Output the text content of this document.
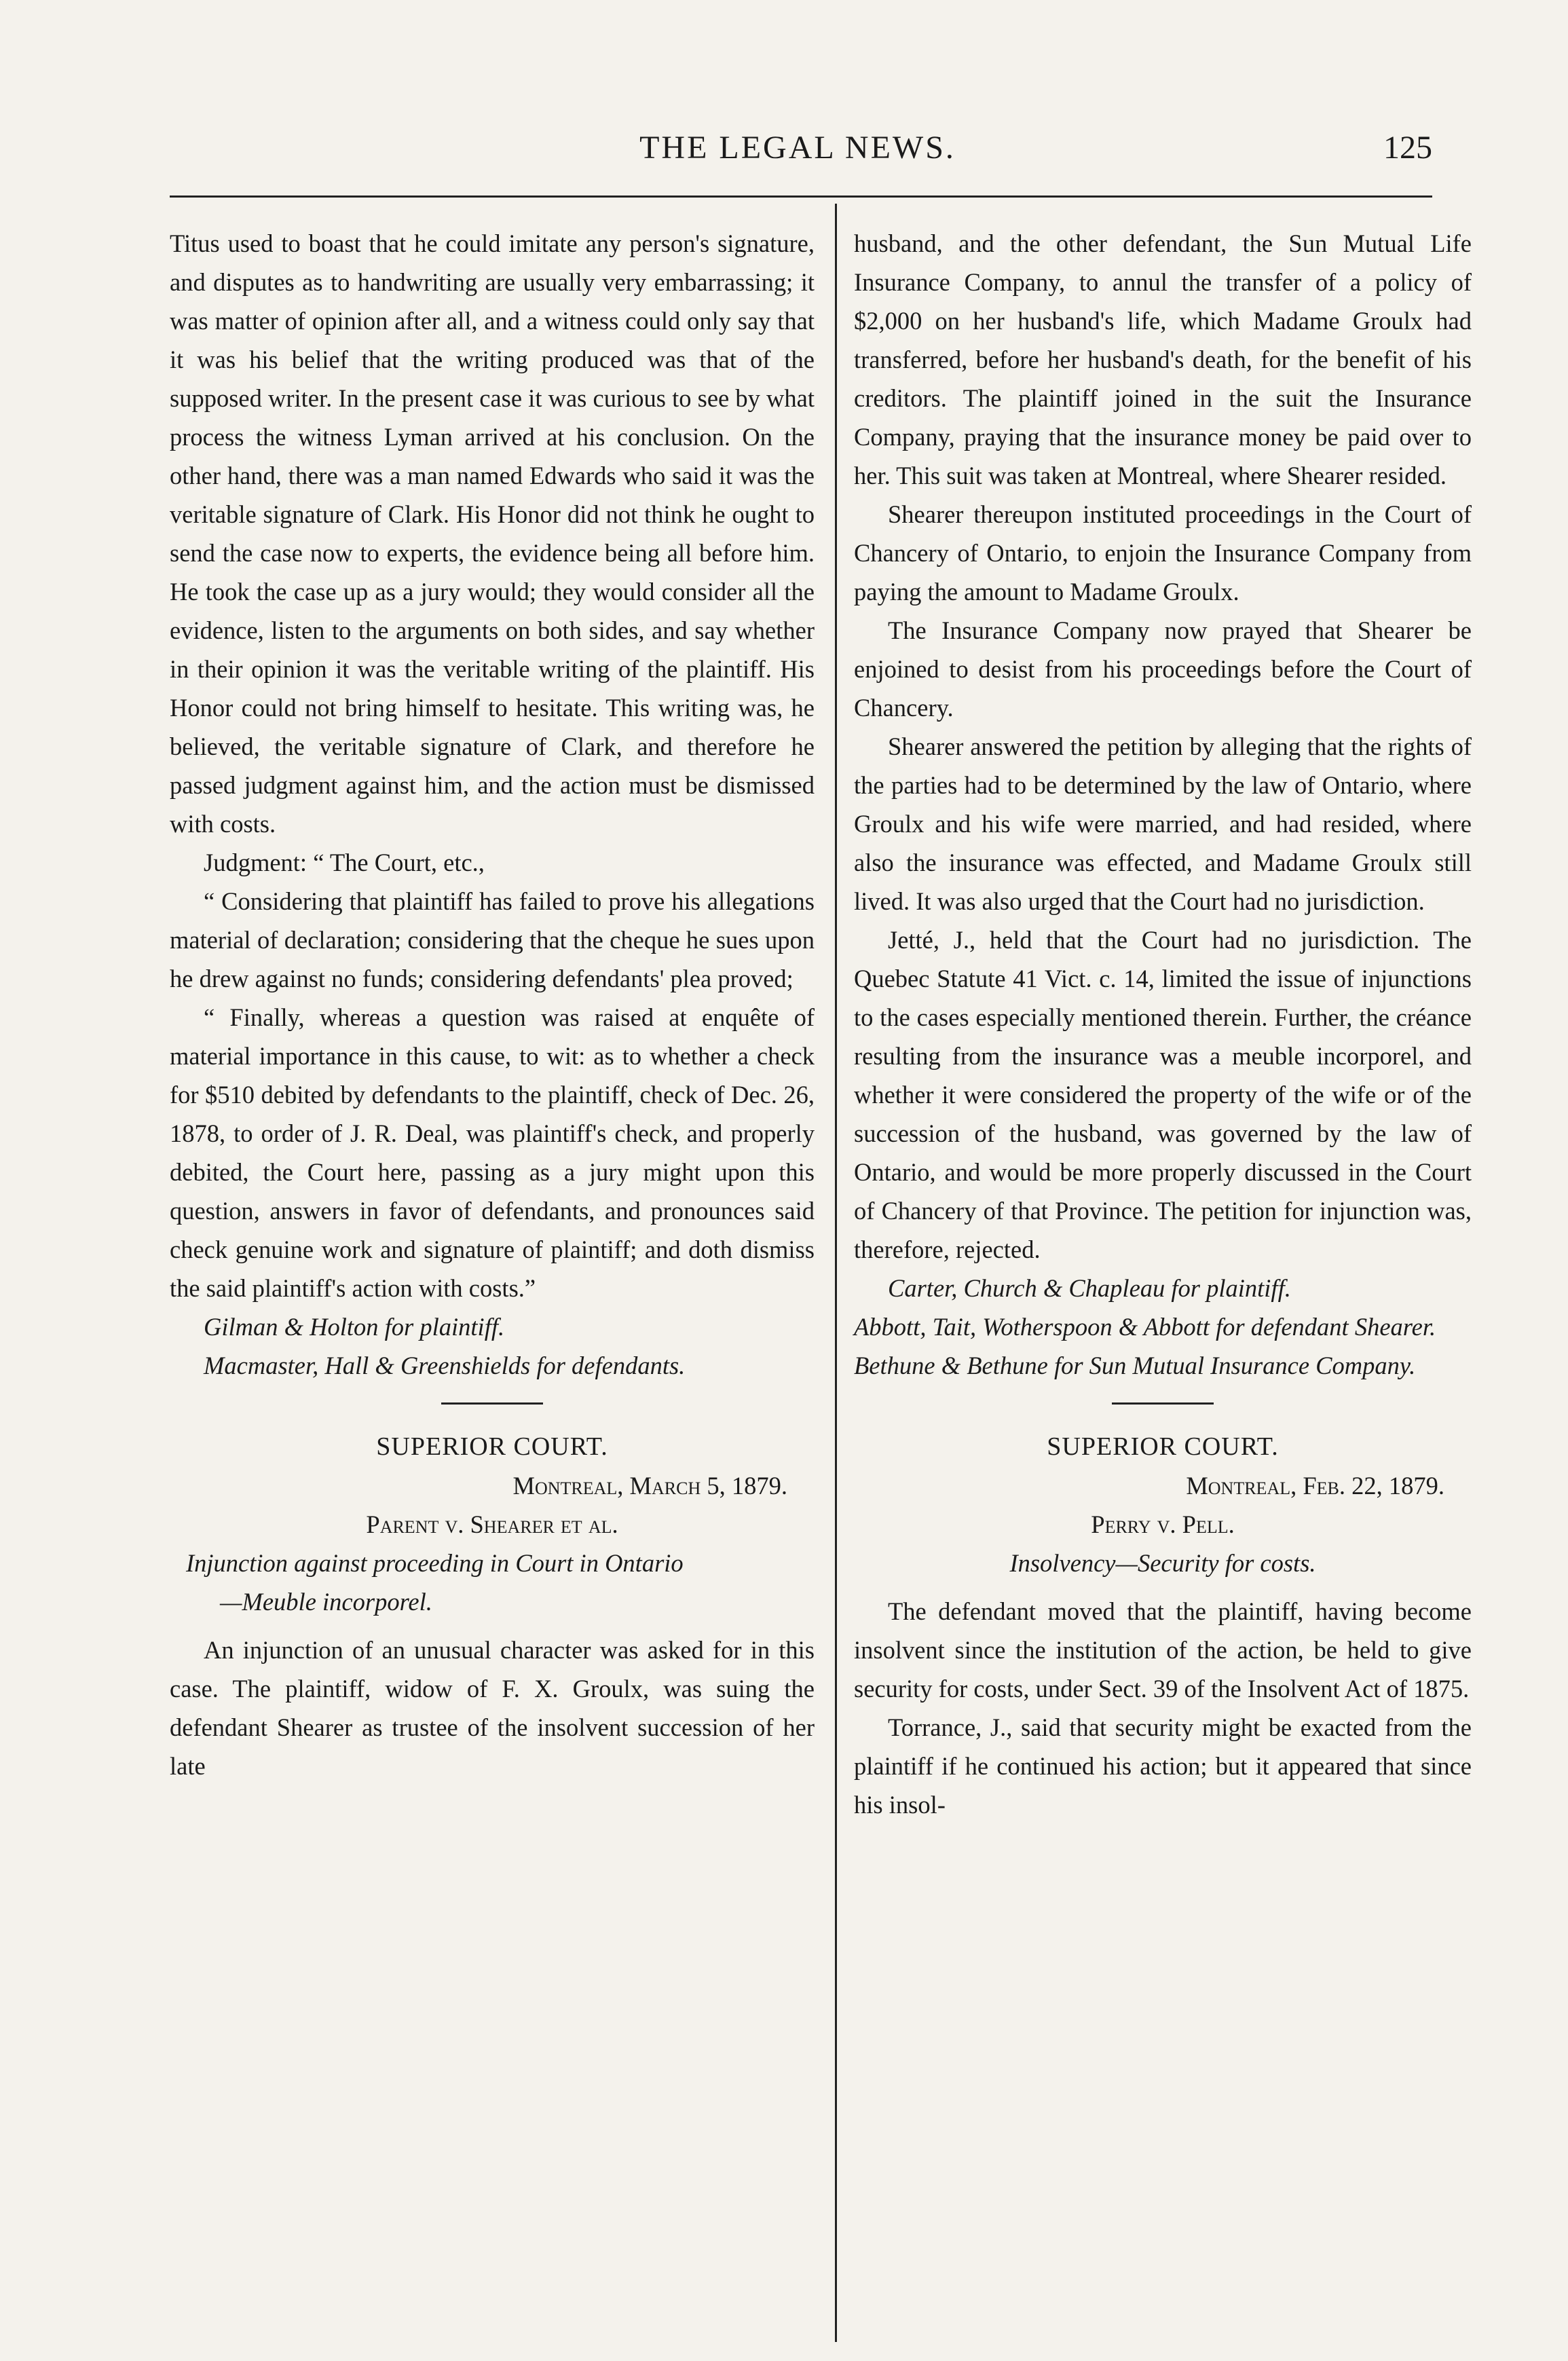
THE LEGAL NEWS.	125

Titus used to boast that he could imitate any person's signature, and disputes as to handwriting are usually very embarrassing; it was matter of opinion after all, and a witness could only say that it was his belief that the writing produced was that of the supposed writer. In the present case it was curious to see by what process the witness Lyman arrived at his conclusion. On the other hand, there was a man named Edwards who said it was the veritable signature of Clark. His Honor did not think he ought to send the case now to experts, the evidence being all before him. He took the case up as a jury would; they would consider all the evidence, listen to the arguments on both sides, and say whether in their opinion it was the veritable writing of the plaintiff. His Honor could not bring himself to hesitate. This writing was, he believed, the veritable signature of Clark, and therefore he passed judgment against him, and the action must be dismissed with costs.

Judgment: “ The Court, etc.,

“ Considering that plaintiff has failed to prove his allegations material of declaration; considering that the cheque he sues upon he drew against no funds; considering defendants' plea proved;

“ Finally, whereas a question was raised at enquête of material importance in this cause, to wit: as to whether a check for $510 debited by defendants to the plaintiff, check of Dec. 26, 1878, to order of J. R. Deal, was plaintiff's check, and properly debited, the Court here, passing as a jury might upon this question, answers in favor of defendants, and pronounces said check genuine work and signature of plaintiff; and doth dismiss the said plaintiff's action with costs.”

Gilman & Holton for plaintiff.

Macmaster, Hall & Greenshields for defendants.

SUPERIOR COURT.
Montreal, March 5, 1879.
Parent v. Shearer et al.
Injunction against proceeding in Court in Ontario
—Meuble incorporel.

An injunction of an unusual character was asked for in this case. The plaintiff, widow of F. X. Groulx, was suing the defendant Shearer as trustee of the insolvent succession of her late

husband, and the other defendant, the Sun Mutual Life Insurance Company, to annul the transfer of a policy of $2,000 on her husband's life, which Madame Groulx had transferred, before her husband's death, for the benefit of his creditors. The plaintiff joined in the suit the Insurance Company, praying that the insurance money be paid over to her. This suit was taken at Montreal, where Shearer resided.

Shearer thereupon instituted proceedings in the Court of Chancery of Ontario, to enjoin the Insurance Company from paying the amount to Madame Groulx.

The Insurance Company now prayed that Shearer be enjoined to desist from his proceedings before the Court of Chancery.

Shearer answered the petition by alleging that the rights of the parties had to be determined by the law of Ontario, where Groulx and his wife were married, and had resided, where also the insurance was effected, and Madame Groulx still lived. It was also urged that the Court had no jurisdiction.

Jetté, J., held that the Court had no jurisdiction. The Quebec Statute 41 Vict. c. 14, limited the issue of injunctions to the cases especially mentioned therein. Further, the créance resulting from the insurance was a meuble incorporel, and whether it were considered the property of the wife or of the succession of the husband, was governed by the law of Ontario, and would be more properly discussed in the Court of Chancery of that Province. The petition for injunction was, therefore, rejected.

Carter, Church & Chapleau for plaintiff.

Abbott, Tait, Wotherspoon & Abbott for defendant Shearer.

Bethune & Bethune for Sun Mutual Insurance Company.

SUPERIOR COURT.
Montreal, Feb. 22, 1879.
Perry v. Pell.
Insolvency—Security for costs.

The defendant moved that the plaintiff, having become insolvent since the institution of the action, be held to give security for costs, under Sect. 39 of the Insolvent Act of 1875.

Torrance, J., said that security might be exacted from the plaintiff if he continued his action; but it appeared that since his insol-
